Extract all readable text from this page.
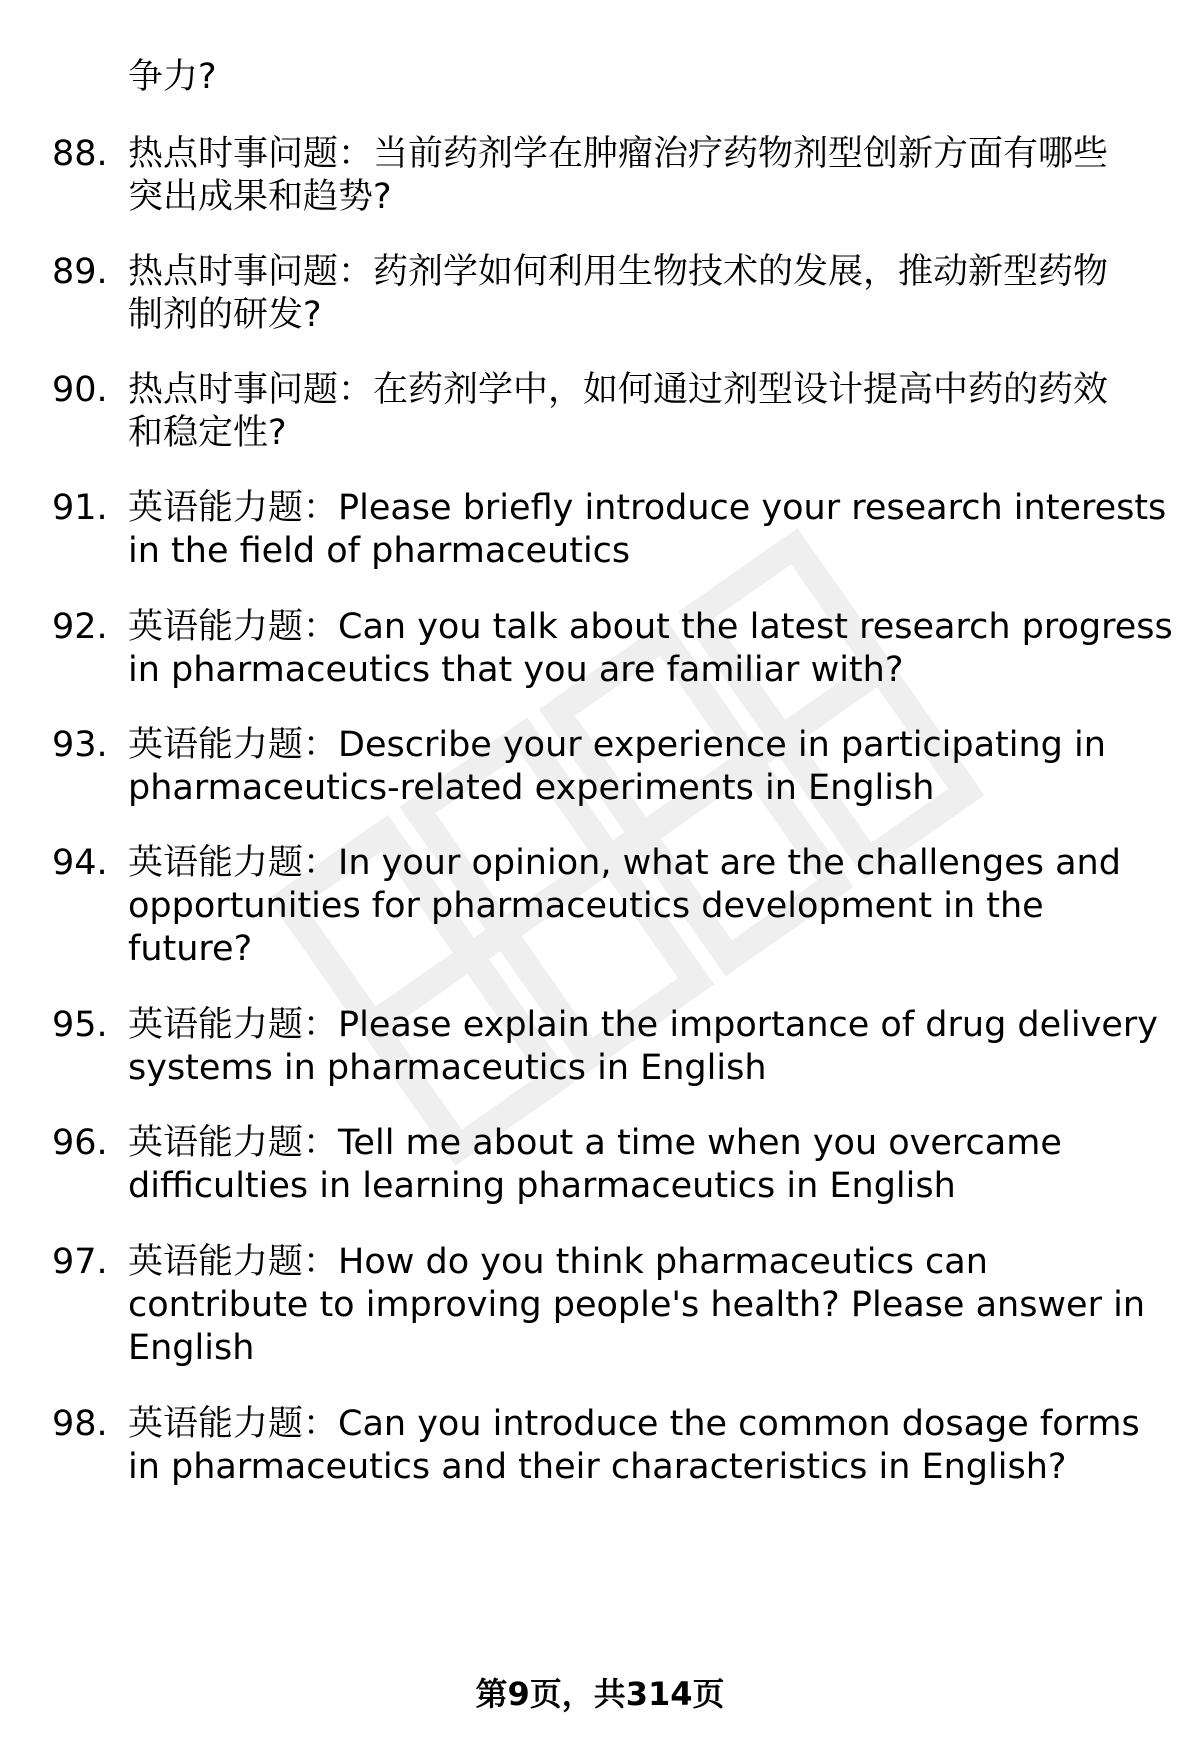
争力?
88. 热点时事问题：当前药剂学在肿瘤治疗药物剂型创新方面有哪些
突出成果和趋势?
89. 热点时事问题：药剂学如何利用生物技术的发展，推动新型药物
制剂的研发?
90. 热点时事问题：在药剂学中，如何通过剂型设计提高中药的药效
和稳定性?
91. 英语能力题：Please briefly introduce your research interests
in the field of pharmaceutics
92. 英语能力题：Can you talk about the latest research progress
in pharmaceutics that you are familiar with?
93. 英语能力题：Describe your experience in participating in
pharmaceutics-related experiments in English
94. 英语能力题：In your opinion, what are the challenges and
opportunities for pharmaceutics development in the
future?
95. 英语能力题：Please explain the importance of drug delivery
systems in pharmaceutics in English
96. 英语能力题：Tell me about a time when you overcame
difficulties in learning pharmaceutics in English
97. 英语能力题：How do you think pharmaceutics can
contribute to improving people's health? Please answer in
English
98. 英语能力题：Can you introduce the common dosage forms
in pharmaceutics and their characteristics in English?
第9页，共314页
